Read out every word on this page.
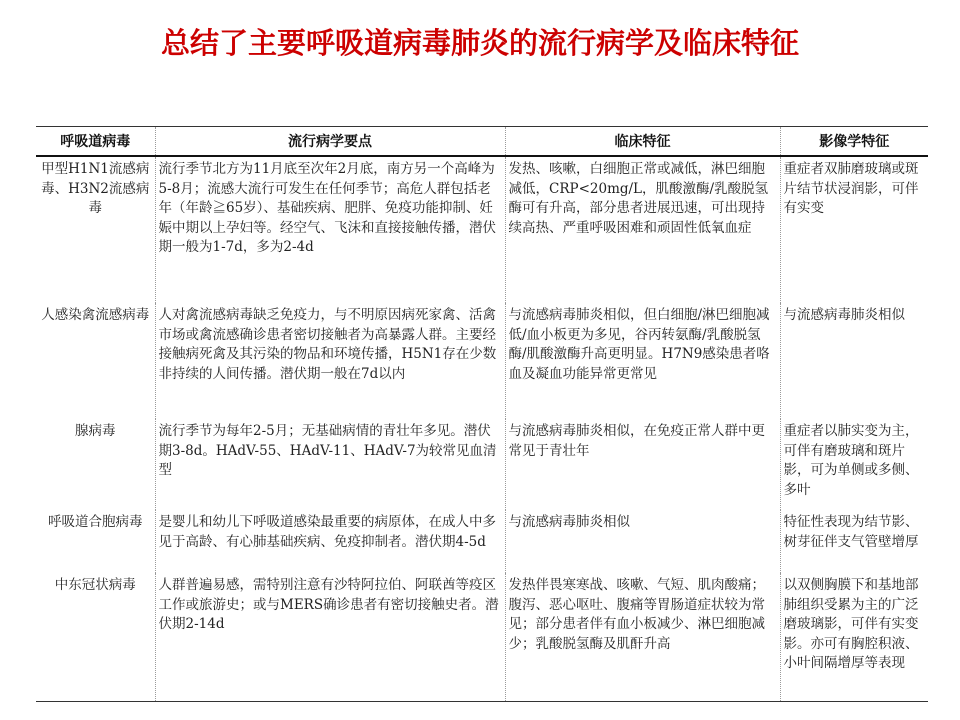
总结了主要呼吸道病毒肺炎的流行病学及临床特征
呼吸道病毒	流行病学要点	临床特征	影像学特征
甲型H1N1流感病毒、H3N2流感病毒	流行季节北方为11月底至次年2月底，南方另一个高峰为5-8月；流感大流行可发生在任何季节；高危人群包括老年（年龄≧65岁）、基础疾病、肥胖、免疫功能抑制、妊娠中期以上孕妇等。经空气、飞沫和直接接触传播，潜伏期一般为1-7d，多为2-4d	发热、咳嗽，白细胞正常或减低，淋巴细胞减低，CRP<20mg/L，肌酸激酶/乳酸脱氢酶可有升高，部分患者进展迅速，可出现持续高热、严重呼吸困难和顽固性低氧血症	重症者双肺磨玻璃或斑片结节状浸润影，可伴有实变
人感染禽流感病毒	人对禽流感病毒缺乏免疫力，与不明原因病死家禽、活禽市场或禽流感确诊患者密切接触者为高暴露人群。主要经接触病死禽及其污染的物品和环境传播，H5N1存在少数非持续的人间传播。潜伏期一般在7d以内	与流感病毒肺炎相似，但白细胞/淋巴细胞减低/血小板更为多见，谷丙转氨酶/乳酸脱氢酶/肌酸激酶升高更明显。H7N9感染患者咯血及凝血功能异常更常见	与流感病毒肺炎相似
腺病毒	流行季节为每年2-5月；无基础病情的青壮年多见。潜伏期3-8d。HAdV-55、HAdV-11、HAdV-7为较常见血清型	与流感病毒肺炎相似，在免疫正常人群中更常见于青壮年	重症者以肺实变为主，可伴有磨玻璃和斑片影，可为单侧或多侧、多叶
呼吸道合胞病毒	是婴儿和幼儿下呼吸道感染最重要的病原体，在成人中多见于高龄、有心肺基础疾病、免疫抑制者。潜伏期4-5d	与流感病毒肺炎相似	特征性表现为结节影、树芽征伴支气管壁增厚
中东冠状病毒	人群普遍易感，需特别注意有沙特阿拉伯、阿联酋等疫区工作或旅游史；或与MERS确诊患者有密切接触史者。潜伏期2-14d	发热伴畏寒寒战、咳嗽、气短、肌肉酸痛；腹泻、恶心呕吐、腹痛等胃肠道症状较为常见；部分患者伴有血小板减少、淋巴细胞减少；乳酸脱氢酶及肌酐升高	以双侧胸膜下和基地部肺组织受累为主的广泛磨玻璃影，可伴有实变影。亦可有胸腔积液、小叶间隔增厚等表现
